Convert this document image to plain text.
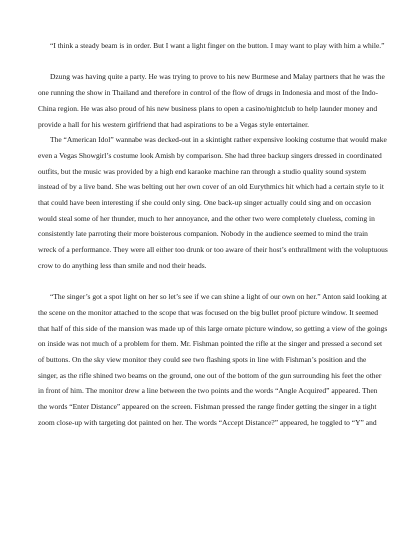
“I think a steady beam is in order. But I want a light finger on the button. I may want to play with him a while.”

Dzung was having quite a party. He was trying to prove to his new Burmese and Malay partners that he was the one running the show in Thailand and therefore in control of the flow of drugs in Indonesia and most of the Indo-China region. He was also proud of his new business plans to open a casino/nightclub to help launder money and provide a hall for his western girlfriend that had aspirations to be a Vegas style entertainer.

The “American Idol” wannabe was decked-out in a skintight rather expensive looking costume that would make even a Vegas Showgirl’s costume look Amish by comparison. She had three backup singers dressed in coordinated outfits, but the music was provided by a high end karaoke machine ran through a studio quality sound system instead of by a live band. She was belting out her own cover of an old Eurythmics hit which had a certain style to it that could have been interesting if she could only sing. One back-up singer actually could sing and on occasion would steal some of her thunder, much to her annoyance, and the other two were completely clueless, coming in consistently late parroting their more boisterous companion. Nobody in the audience seemed to mind the train wreck of a performance. They were all either too drunk or too aware of their host’s enthrallment with the voluptuous crow to do anything less than smile and nod their heads.

“The singer’s got a spot light on her so let’s see if we can shine a light of our own on her.” Anton said looking at the scene on the monitor attached to the scope that was focused on the big bullet proof picture window. It seemed that half of this side of the mansion was made up of this large ornate picture window, so getting a view of the goings on inside was not much of a problem for them. Mr. Fishman pointed the rifle at the singer and pressed a second set of buttons. On the sky view monitor they could see two flashing spots in line with Fishman’s position and the singer, as the rifle shined two beams on the ground, one out of the bottom of the gun surrounding his feet the other in front of him. The monitor drew a line between the two points and the words “Angle Acquired” appeared. Then the words “Enter Distance” appeared on the screen. Fishman pressed the range finder getting the singer in a tight zoom close-up with targeting dot painted on her. The words “Accept Distance?” appeared, he toggled to “Y” and
